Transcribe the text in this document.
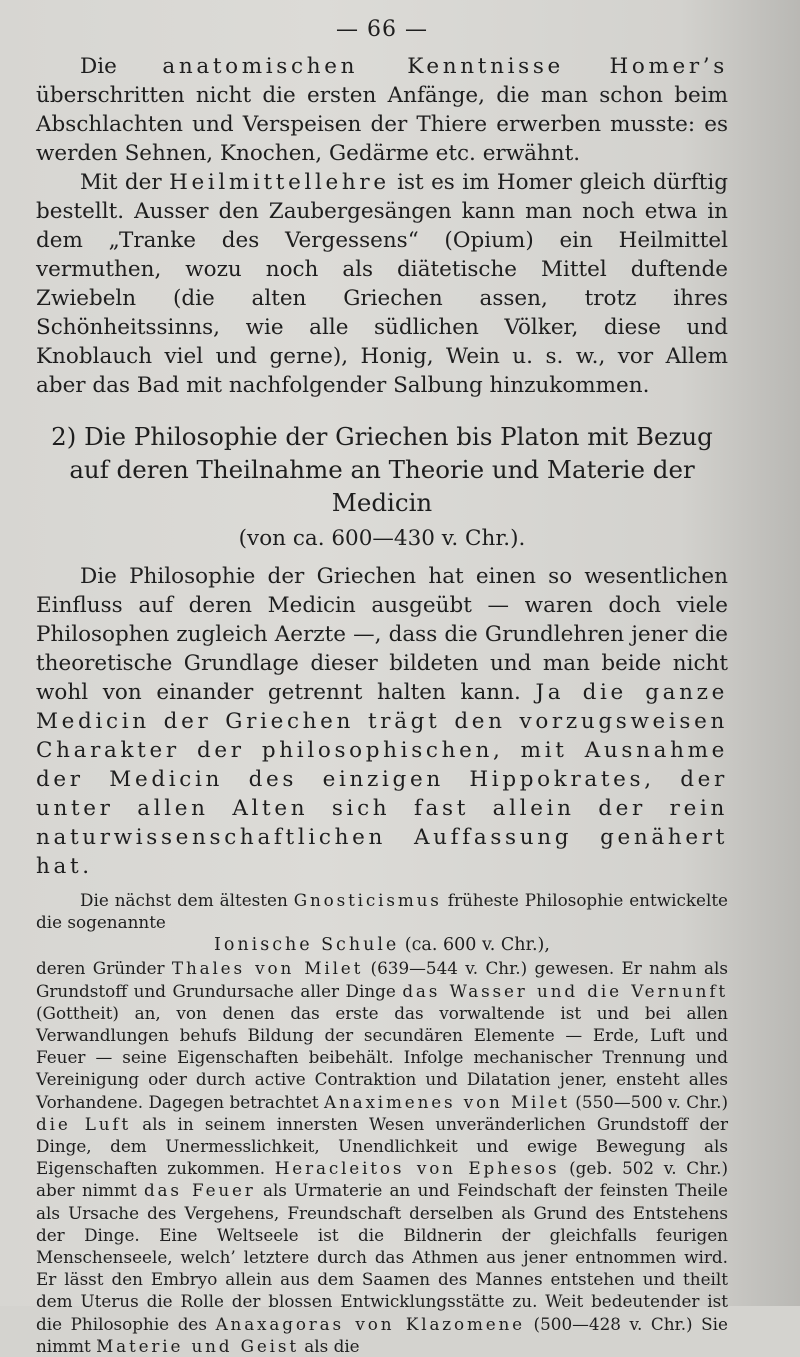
— 66 —

Die anatomischen Kenntnisse Homer’s überschritten nicht die ersten Anfänge, die man schon beim Abschlachten und Verspeisen der Thiere erwerben musste: es werden Sehnen, Knochen, Gedärme etc. erwähnt.

Mit der Heilmittellehre ist es im Homer gleich dürftig bestellt. Ausser den Zaubergesängen kann man noch etwa in dem „Tranke des Vergessens“ (Opium) ein Heilmittel vermuthen, wozu noch als diätetische Mittel duftende Zwiebeln (die alten Griechen assen, trotz ihres Schönheitssinns, wie alle südlichen Völker, diese und Knoblauch viel und gerne), Honig, Wein u. s. w., vor Allem aber das Bad mit nachfolgender Salbung hinzukommen.

2) Die Philosophie der Griechen bis Platon mit Bezug auf deren Theilnahme an Theorie und Materie der Medicin
(von ca. 600—430 v. Chr.).

Die Philosophie der Griechen hat einen so wesentlichen Einfluss auf deren Medicin ausgeübt — waren doch viele Philosophen zugleich Aerzte —, dass die Grundlehren jener die theoretische Grundlage dieser bildeten und man beide nicht wohl von einander getrennt halten kann. Ja die ganze Medicin der Griechen trägt den vorzugsweisen Charakter der philosophischen, mit Ausnahme der Medicin des einzigen Hippokrates, der unter allen Alten sich fast allein der rein naturwissenschaftlichen Auffassung genähert hat.

Die nächst dem ältesten Gnosticismus früheste Philosophie entwickelte die sogenannte

Ionische Schule (ca. 600 v. Chr.),

deren Gründer Thales von Milet (639—544 v. Chr.) gewesen. Er nahm als Grundstoff und Grundursache aller Dinge das Wasser und die Vernunft (Gottheit) an, von denen das erste das vorwaltende ist und bei allen Verwandlungen behufs Bildung der secundären Elemente — Erde, Luft und Feuer — seine Eigenschaften beibehält. Infolge mechanischer Trennung und Vereinigung oder durch active Contraktion und Dilatation jener, ensteht alles Vorhandene. Dagegen betrachtet Anaximenes von Milet (550—500 v. Chr.) die Luft als in seinem innersten Wesen unveränderlichen Grundstoff der Dinge, dem Unermesslichkeit, Unendlichkeit und ewige Bewegung als Eigenschaften zukommen. Heracleitos von Ephesos (geb. 502 v. Chr.) aber nimmt das Feuer als Urmaterie an und Feindschaft der feinsten Theile als Ursache des Vergehens, Freundschaft derselben als Grund des Entstehens der Dinge. Eine Weltseele ist die Bildnerin der gleichfalls feurigen Menschenseele, welch’ letztere durch das Athmen aus jener entnommen wird. Er lässt den Embryo allein aus dem Saamen des Mannes entstehen und theilt dem Uterus die Rolle der blossen Entwicklungsstätte zu. Weit bedeutender ist die Philosophie des Anaxagoras von Klazomene (500—428 v. Chr.) Sie nimmt Materie und Geist als die
